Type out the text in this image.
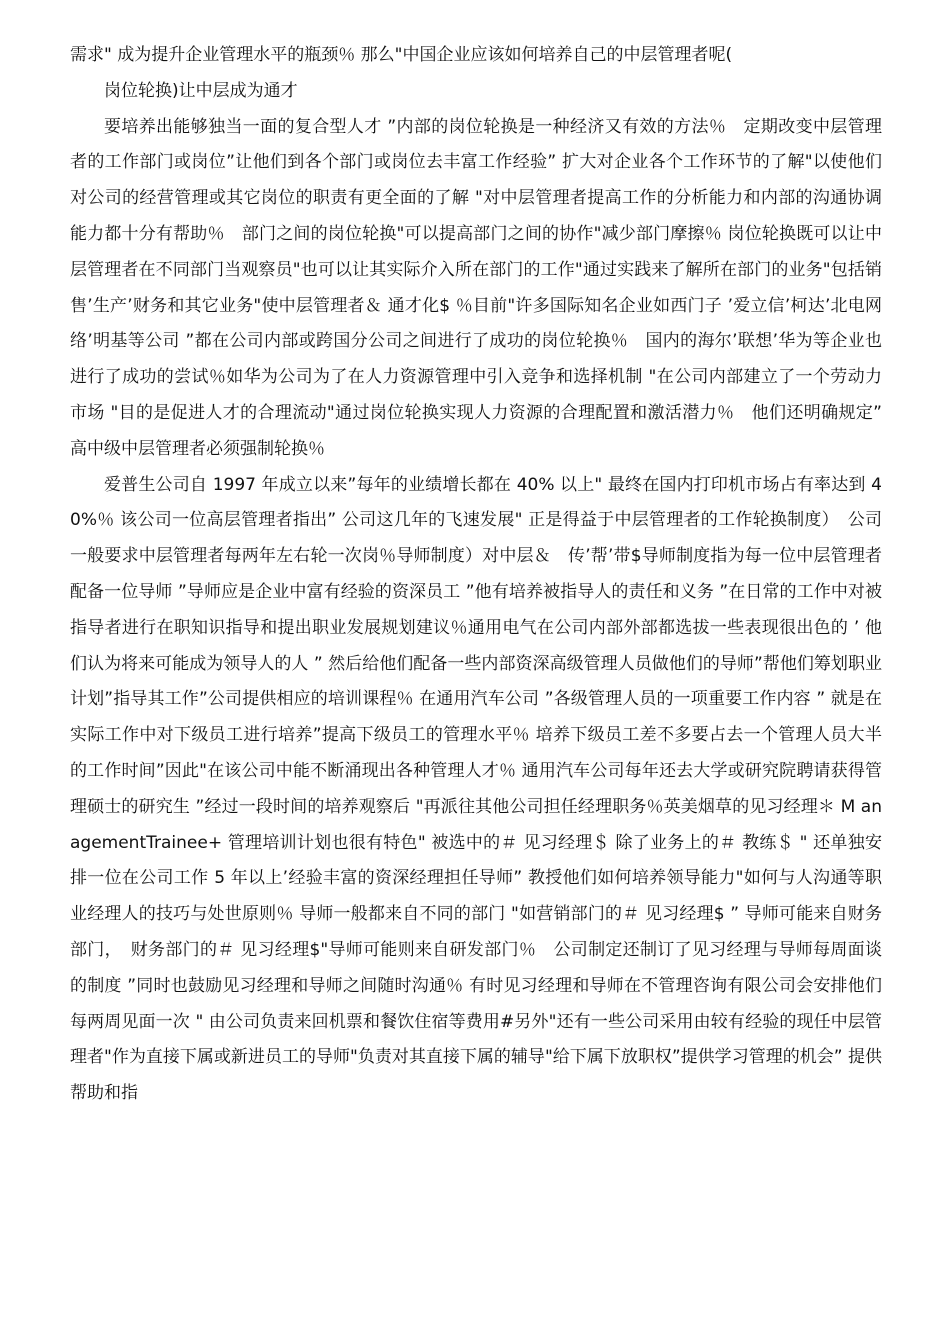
需求" 成为提升企业管理水平的瓶颈％ 那么"中国企业应该如何培养自己的中层管理者呢(

岗位轮换)让中层成为通才

要培养出能够独当一面的复合型人才 ”内部的岗位轮换是一种经济又有效的方法％　定期改变中层管理者的工作部门或岗位”让他们到各个部门或岗位去丰富工作经验” 扩大对企业各个工作环节的了解"以使他们对公司的经营管理或其它岗位的职责有更全面的了解 "对中层管理者提高工作的分析能力和内部的沟通协调能力都十分有帮助％　部门之间的岗位轮换"可以提高部门之间的协作"减少部门摩擦％ 岗位轮换既可以让中层管理者在不同部门当观察员"也可以让其实际介入所在部门的工作"通过实践来了解所在部门的业务"包括销售’生产’财务和其它业务"使中层管理者＆ 通才化$ ％目前"许多国际知名企业如西门子 ’爱立信’柯达’北电网络’明基等公司 ”都在公司内部或跨国分公司之间进行了成功的岗位轮换％　国内的海尔’联想’华为等企业也进行了成功的尝试％如华为公司为了在人力资源管理中引入竞争和选择机制 "在公司内部建立了一个劳动力市场 "目的是促进人才的合理流动"通过岗位轮换实现人力资源的合理配置和激活潜力％　他们还明确规定” 高中级中层管理者必须强制轮换％

爱普生公司自 1997 年成立以来”每年的业绩增长都在 40% 以上" 最终在国内打印机市场占有率达到 40%％ 该公司一位高层管理者指出” 公司这几年的飞速发展" 正是得益于中层管理者的工作轮换制度）　公司一般要求中层管理者每两年左右轮一次岗％导师制度）对中层＆　传’帮’带$导师制度指为每一位中层管理者配备一位导师 ”导师应是企业中富有经验的资深员工 ”他有培养被指导人的责任和义务 ”在日常的工作中对被指导者进行在职知识指导和提出职业发展规划建议％通用电气在公司内部外部都选拔一些表现很出色的 ’ 他们认为将来可能成为领导人的人 ” 然后给他们配备一些内部资深高级管理人员做他们的导师”帮他们筹划职业计划”指导其工作”公司提供相应的培训课程％ 在通用汽车公司 ”各级管理人员的一项重要工作内容 ” 就是在实际工作中对下级员工进行培养”提高下级员工的管理水平％ 培养下级员工差不多要占去一个管理人员大半的工作时间”因此"在该公司中能不断涌现出各种管理人才％ 通用汽车公司每年还去大学或研究院聘请获得管理硕士的研究生 ”经过一段时间的培养观察后 "再派往其他公司担任经理职务％英美烟草的见习经理＊ M anagementTrainee+ 管理培训计划也很有特色" 被选中的＃ 见习经理＄ 除了业务上的＃ 教练＄ " 还单独安排一位在公司工作 5 年以上’经验丰富的资深经理担任导师” 教授他们如何培养领导能力"如何与人沟通等职业经理人的技巧与处世原则％ 导师一般都来自不同的部门 "如营销部门的＃ 见习经理$ ” 导师可能来自财务部门，　财务部门的＃ 见习经理$"导师可能则来自研发部门％　公司制定还制订了见习经理与导师每周面谈的制度 ”同时也鼓励见习经理和导师之间随时沟通％ 有时见习经理和导师在不管理咨询有限公司会安排他们每两周见面一次 " 由公司负责来回机票和餐饮住宿等费用#另外"还有一些公司采用由较有经验的现任中层管理者"作为直接下属或新进员工的导师"负责对其直接下属的辅导"给下属下放职权”提供学习管理的机会” 提供帮助和指
